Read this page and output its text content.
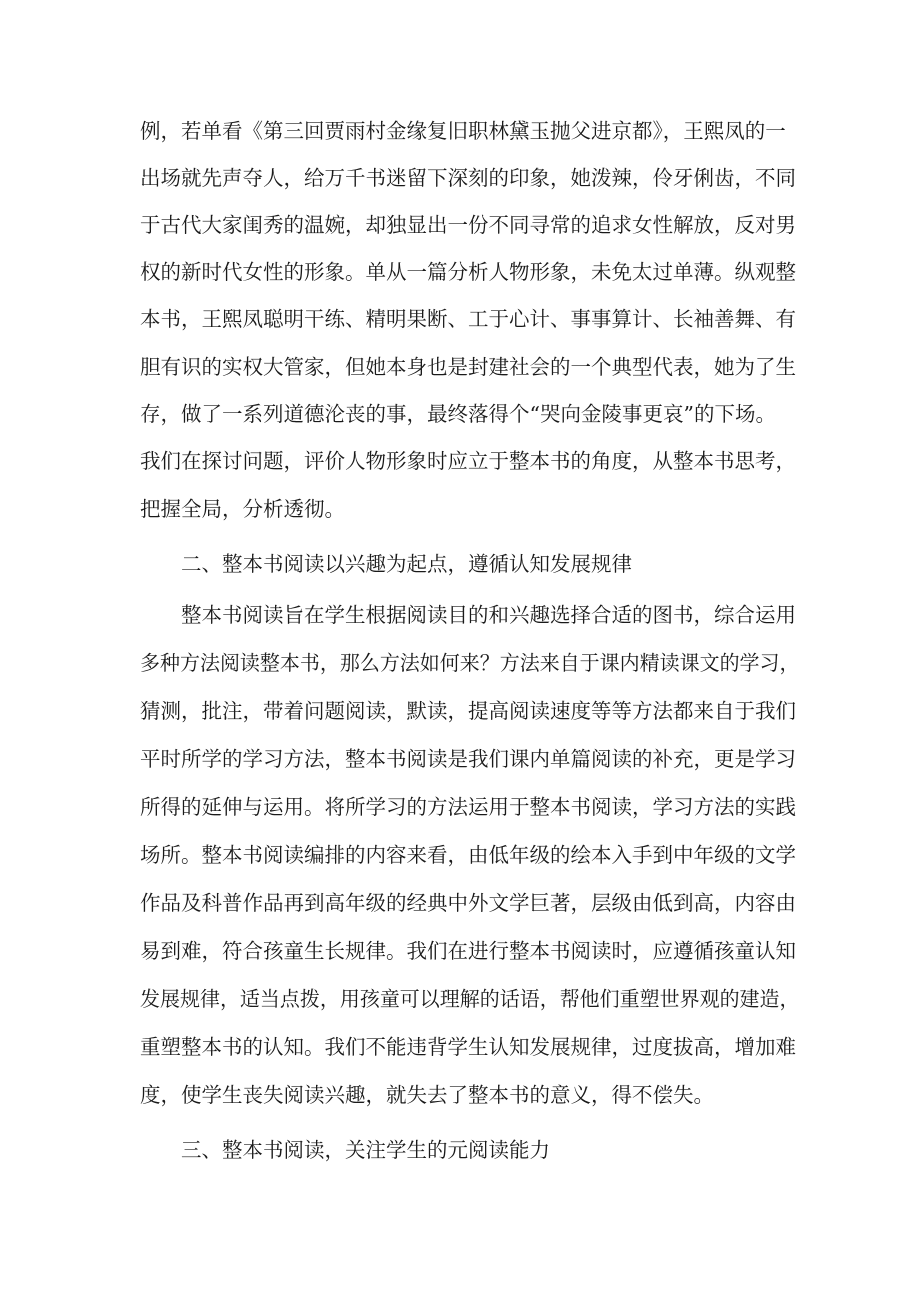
例，若单看《第三回贾雨村金缘复旧职林黛玉抛父进京都》，王熙凤的一
出场就先声夺人，给万千书迷留下深刻的印象，她泼辣，伶牙俐齿，不同
于古代大家闺秀的温婉，却独显出一份不同寻常的追求女性解放，反对男
权的新时代女性的形象。单从一篇分析人物形象，未免太过单薄。纵观整
本书，王熙凤聪明干练、精明果断、工于心计、事事算计、长袖善舞、有
胆有识的实权大管家，但她本身也是封建社会的一个典型代表，她为了生
存，做了一系列道德沦丧的事，最终落得个“哭向金陵事更哀”的下场。
我们在探讨问题，评价人物形象时应立于整本书的角度，从整本书思考，
把握全局，分析透彻。
二、整本书阅读以兴趣为起点，遵循认知发展规律
整本书阅读旨在学生根据阅读目的和兴趣选择合适的图书，综合运用
多种方法阅读整本书，那么方法如何来？方法来自于课内精读课文的学习，
猜测，批注，带着问题阅读，默读，提高阅读速度等等方法都来自于我们
平时所学的学习方法，整本书阅读是我们课内单篇阅读的补充，更是学习
所得的延伸与运用。将所学习的方法运用于整本书阅读，学习方法的实践
场所。整本书阅读编排的内容来看，由低年级的绘本入手到中年级的文学
作品及科普作品再到高年级的经典中外文学巨著，层级由低到高，内容由
易到难，符合孩童生长规律。我们在进行整本书阅读时，应遵循孩童认知
发展规律，适当点拨，用孩童可以理解的话语，帮他们重塑世界观的建造，
重塑整本书的认知。我们不能违背学生认知发展规律，过度拔高，增加难
度，使学生丧失阅读兴趣，就失去了整本书的意义，得不偿失。
三、整本书阅读，关注学生的元阅读能力
